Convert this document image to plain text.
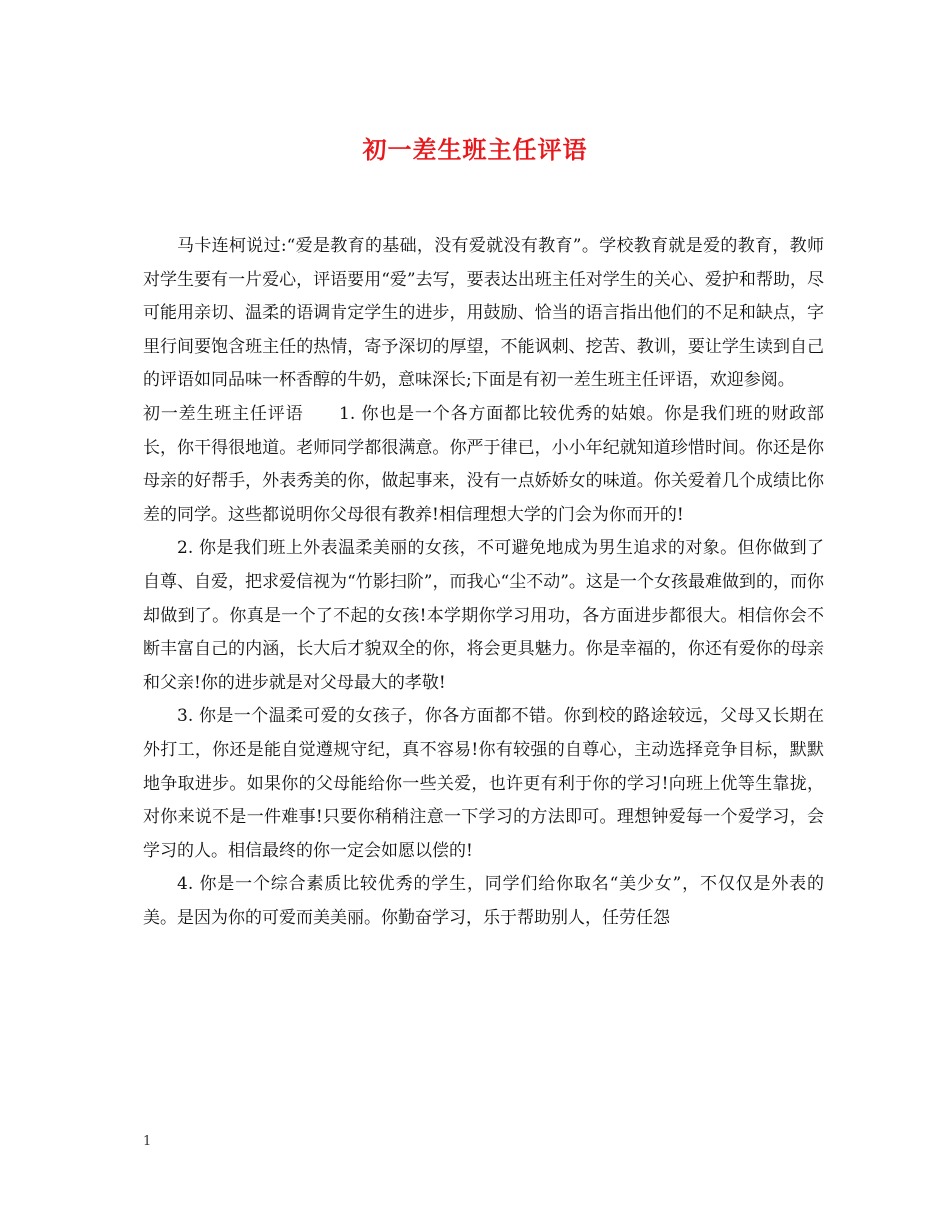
初一差生班主任评语

马卡连柯说过:“爱是教育的基础，没有爱就没有教育”。学校教育就是爱的教育，教师对学生要有一片爱心，评语要用“爱”去写，要表达出班主任对学生的关心、爱护和帮助，尽可能用亲切、温柔的语调肯定学生的进步，用鼓励、恰当的语言指出他们的不足和缺点，字里行间要饱含班主任的热情，寄予深切的厚望，不能讽刺、挖苦、教训，要让学生读到自己的评语如同品味一杯香醇的牛奶，意味深长;下面是有初一差生班主任评语，欢迎参阅。

初一差生班主任评语　　1. 你也是一个各方面都比较优秀的姑娘。你是我们班的财政部长，你干得很地道。老师同学都很满意。你严于律已，小小年纪就知道珍惜时间。你还是你母亲的好帮手，外表秀美的你，做起事来，没有一点娇娇女的味道。你关爱着几个成绩比你差的同学。这些都说明你父母很有教养!相信理想大学的门会为你而开的!

2. 你是我们班上外表温柔美丽的女孩，不可避免地成为男生追求的对象。但你做到了自尊、自爱，把求爱信视为“竹影扫阶”，而我心“尘不动”。这是一个女孩最难做到的，而你却做到了。你真是一个了不起的女孩!本学期你学习用功，各方面进步都很大。相信你会不断丰富自己的内涵，长大后才貌双全的你，将会更具魅力。你是幸福的，你还有爱你的母亲和父亲!你的进步就是对父母最大的孝敬!

3. 你是一个温柔可爱的女孩子，你各方面都不错。你到校的路途较远，父母又长期在外打工，你还是能自觉遵规守纪，真不容易!你有较强的自尊心，主动选择竞争目标，默默地争取进步。如果你的父母能给你一些关爱，也许更有利于你的学习!向班上优等生靠拢，对你来说不是一件难事!只要你稍稍注意一下学习的方法即可。理想钟爱每一个爱学习，会学习的人。相信最终的你一定会如愿以偿的!

4. 你是一个综合素质比较优秀的学生，同学们给你取名“美少女”，不仅仅是外表的美。是因为你的可爱而美美丽。你勤奋学习，乐于帮助别人，任劳任怨

1
